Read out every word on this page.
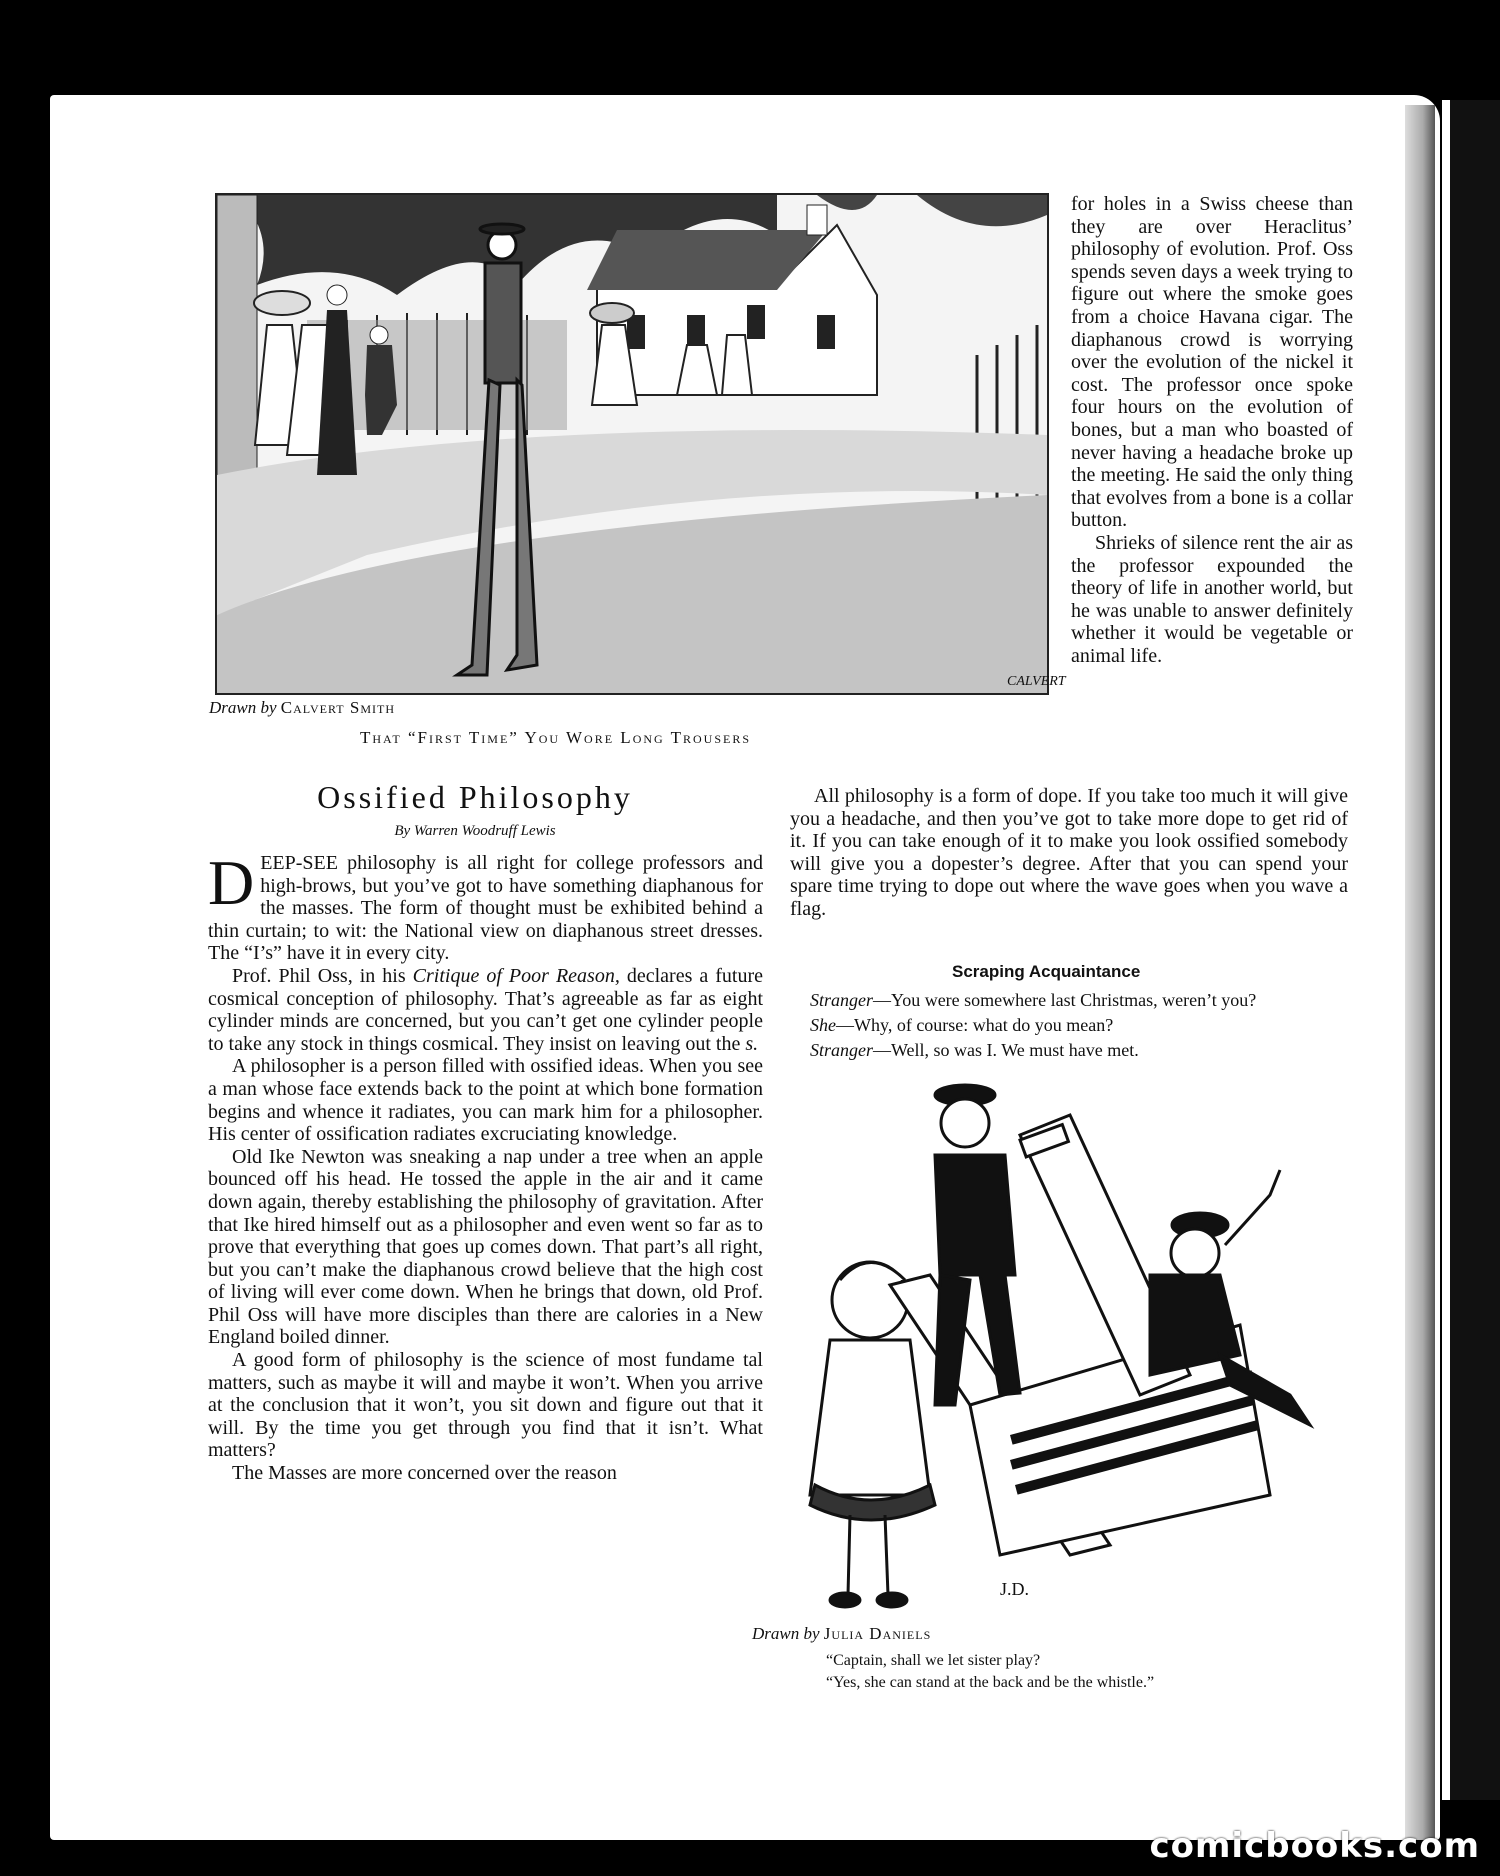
CALVERT
Drawn by Calvert Smith
That “First Time” You Wore Long Trousers

for holes in a Swiss cheese than they are over Heraclitus’ philosophy of evolution. Prof. Oss spends seven days a week trying to figure out where the smoke goes from a choice Havana cigar. The diaphanous crowd is worrying over the evolution of the nickel it cost. The professor once spoke four hours on the evolution of bones, but a man who boasted of never having a headache broke up the meeting. He said the only thing that evolves from a bone is a collar button.

Shrieks of silence rent the air as the professor expounded the theory of life in another world, but he was unable to answer definitely whether it would be vegetable or animal life.

Ossified Philosophy
By Warren Woodruff Lewis

DEEP-SEE philosophy is all right for college professors and high-brows, but you’ve got to have something diaphanous for the masses. The form of thought must be exhibited behind a thin curtain; to wit: the National view on diaphanous street dresses. The “I’s” have it in every city.

Prof. Phil Oss, in his Critique of Poor Reason, declares a future cosmical conception of philosophy. That’s agreeable as far as eight cylinder minds are concerned, but you can’t get one cylinder people to take any stock in things cosmical. They insist on leaving out the s.

A philosopher is a person filled with ossified ideas. When you see a man whose face extends back to the point at which bone formation begins and whence it radiates, you can mark him for a philosopher. His center of ossification radiates excruciating knowledge.

Old Ike Newton was sneaking a nap under a tree when an apple bounced off his head. He tossed the apple in the air and it came down again, thereby establishing the philosophy of gravitation. After that Ike hired himself out as a philosopher and even went so far as to prove that everything that goes up comes down. That part’s all right, but you can’t make the diaphanous crowd believe that the high cost of living will ever come down. When he brings that down, old Prof. Phil Oss will have more disciples than there are calories in a New England boiled dinner.

A good form of philosophy is the science of most fundame tal matters, such as maybe it will and maybe it won’t. When you arrive at the conclusion that it won’t, you sit down and figure out that it will. By the time you get through you find that it isn’t. What matters?

The Masses are more concerned over the reason

All philosophy is a form of dope. If you take too much it will give you a headache, and then you’ve got to take more dope to get rid of it. If you can take enough of it to make you look ossified somebody will give you a dopester’s degree. After that you can spend your spare time trying to dope out where the wave goes when you wave a flag.

Scraping Acquaintance
Stranger—You were somewhere last Christmas, weren’t you?
She—Why, of course: what do you mean?
Stranger—Well, so was I. We must have met.
J.D.
Drawn by Julia Daniels
“Captain, shall we let sister play?
“Yes, she can stand at the back and be the whistle.”
comicbooks.com
